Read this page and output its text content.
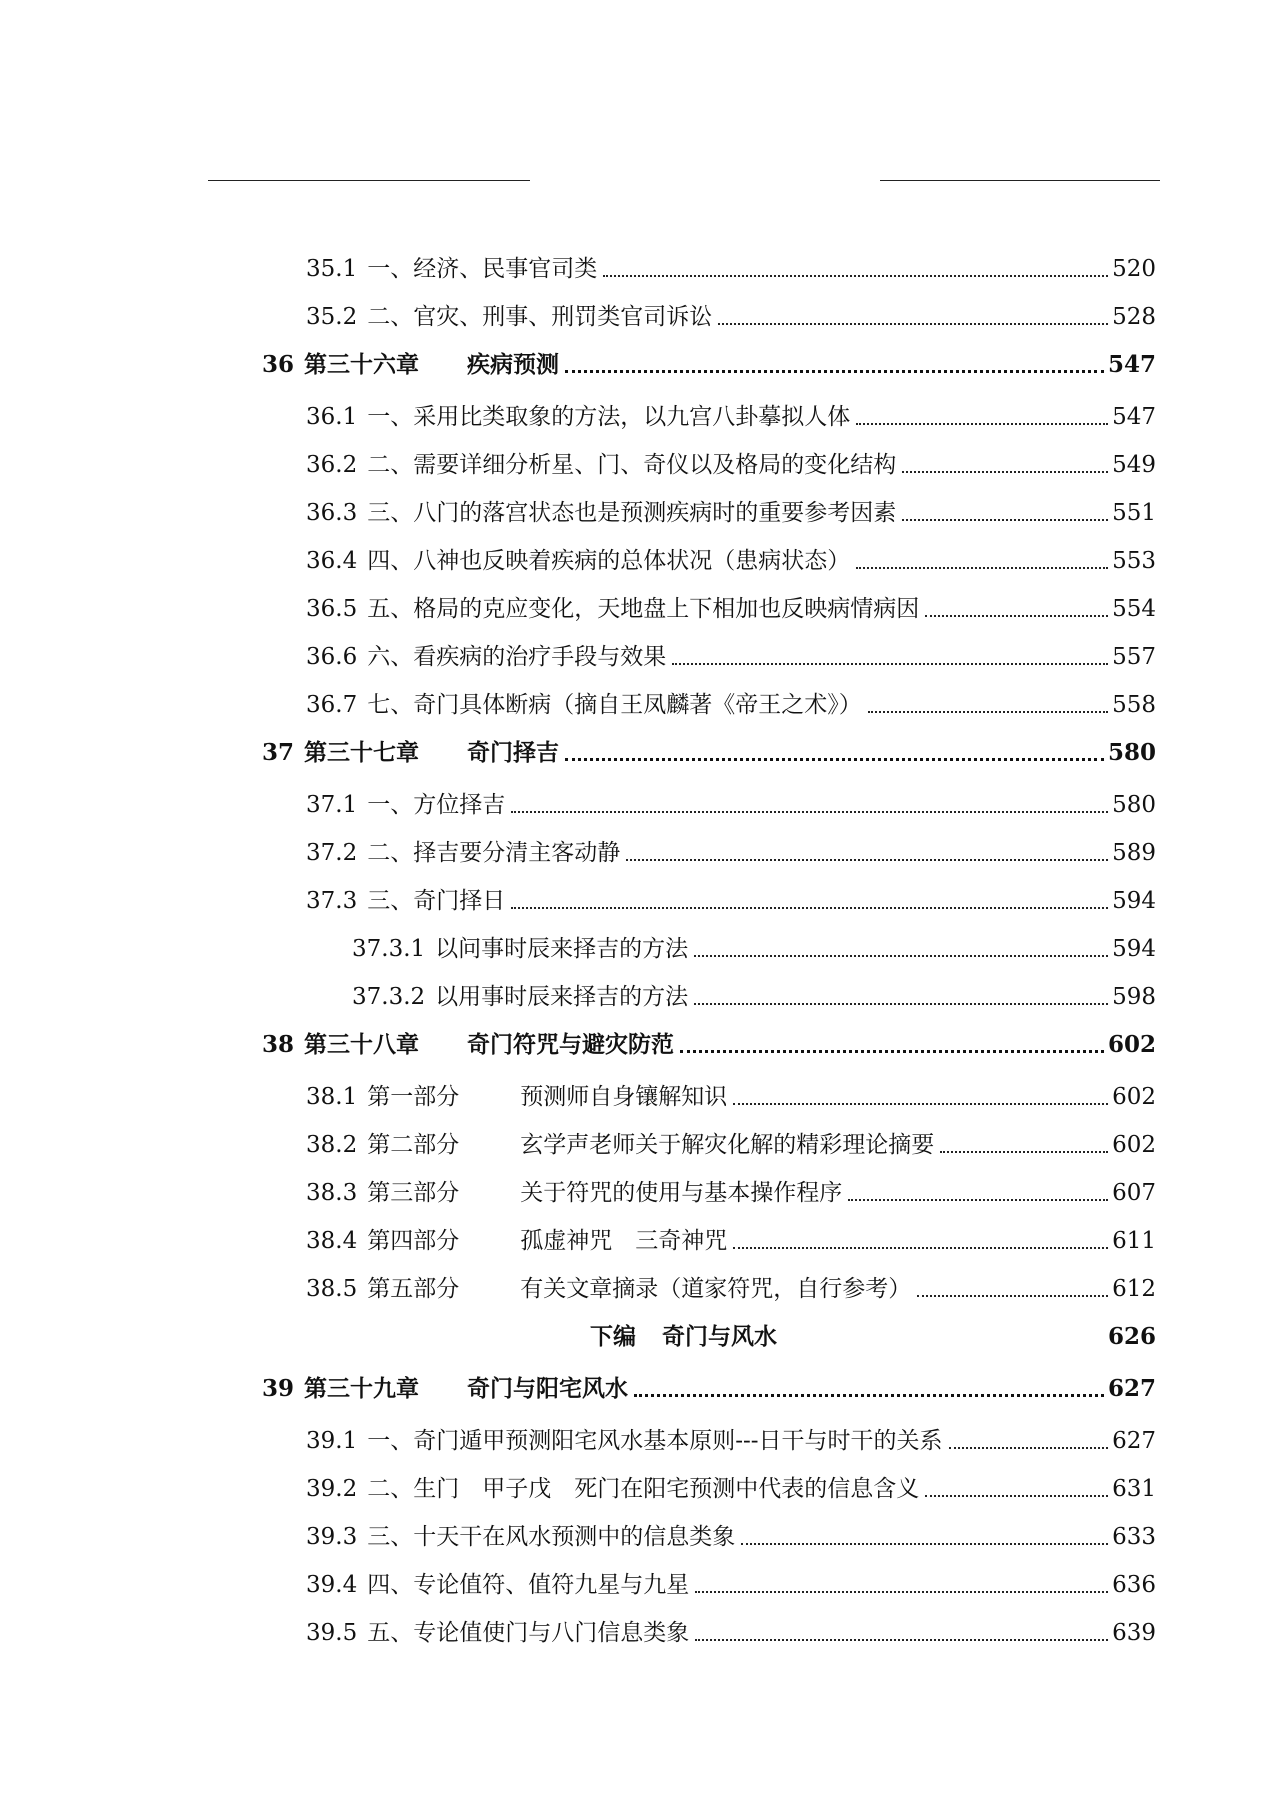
35.1 一、经济、民事官司类	520
35.2 二、官灾、刑事、刑罚类官司诉讼	528
36 第三十六章	疾病预测	547
36.1 一、采用比类取象的方法，以九宫八卦摹拟人体	547
36.2 二、需要详细分析星、门、奇仪以及格局的变化结构	549
36.3 三、八门的落宫状态也是预测疾病时的重要参考因素	551
36.4 四、八神也反映着疾病的总体状况（患病状态）	553
36.5 五、格局的克应变化，天地盘上下相加也反映病情病因	554
36.6 六、看疾病的治疗手段与效果	557
36.7 七、奇门具体断病（摘自王凤麟著《帝王之术》）	558
37 第三十七章	奇门择吉	580
37.1 一、方位择吉	580
37.2 二、择吉要分清主客动静	589
37.3 三、奇门择日	594
37.3.1 以问事时辰来择吉的方法	594
37.3.2 以用事时辰来择吉的方法	598
38 第三十八章	奇门符咒与避灾防范	602
38.1 第一部分	预测师自身镶解知识	602
38.2 第二部分	玄学声老师关于解灾化解的精彩理论摘要	602
38.3 第三部分	关于符咒的使用与基本操作程序	607
38.4 第四部分	孤虚神咒　三奇神咒	611
38.5 第五部分	有关文章摘录（道家符咒，自行参考）	612
下编	奇门与风水	626
39 第三十九章	奇门与阳宅风水	627
39.1 一、奇门遁甲预测阳宅风水基本原则---日干与时干的关系	627
39.2 二、生门　甲子戊　死门在阳宅预测中代表的信息含义	631
39.3 三、十天干在风水预测中的信息类象	633
39.4 四、专论值符、值符九星与九星	636
39.5 五、专论值使门与八门信息类象	639
